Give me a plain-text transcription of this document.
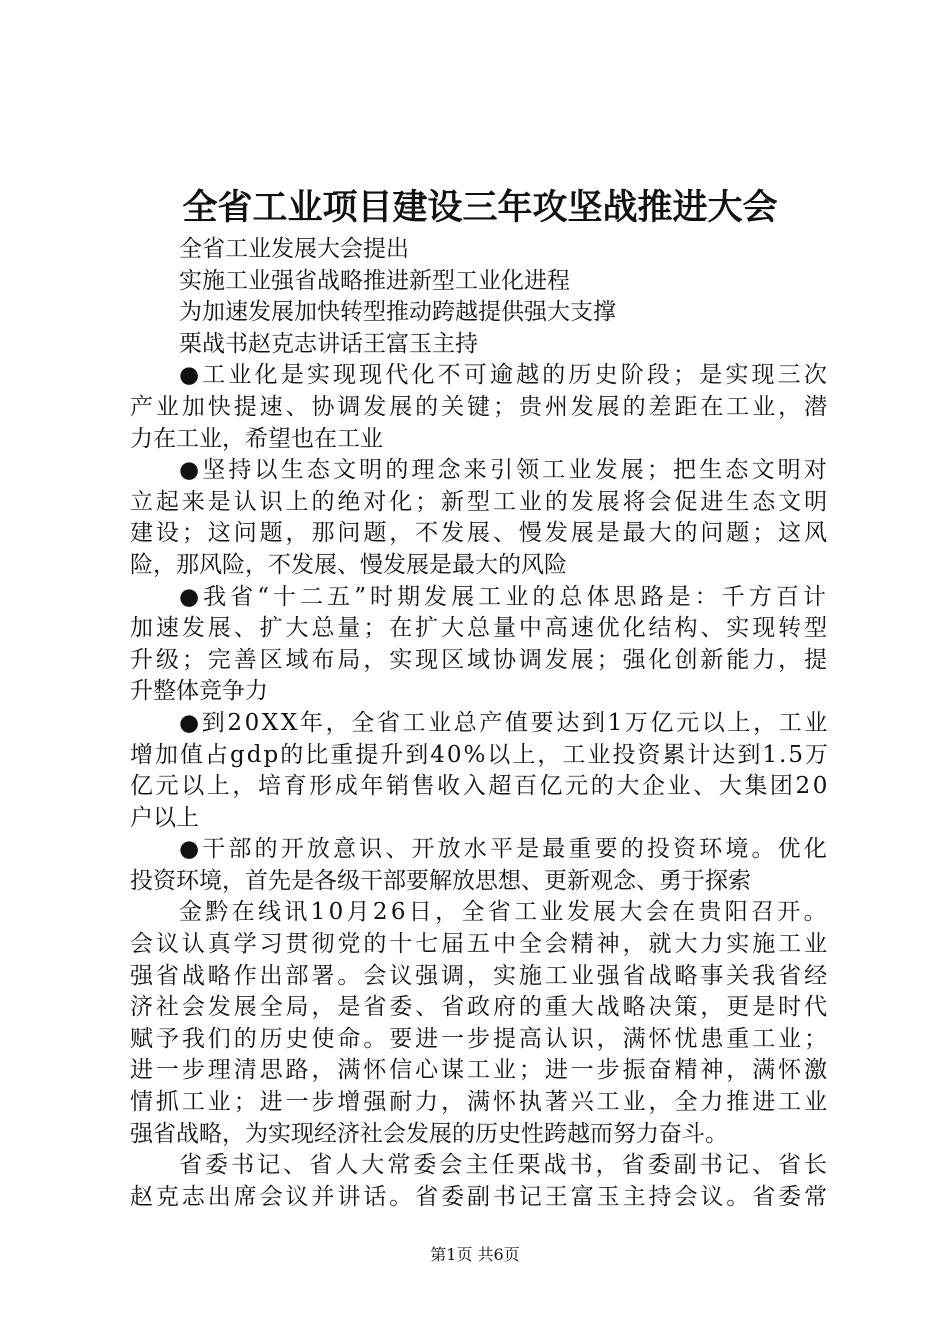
全省工业项目建设三年攻坚战推进大会
全省工业发展大会提出
实施工业强省战略推进新型工业化进程
为加速发展加快转型推动跨越提供强大支撑
栗战书赵克志讲话王富玉主持
●工业化是实现现代化不可逾越的历史阶段；是实现三次
产业加快提速、协调发展的关键；贵州发展的差距在工业，潜
力在工业，希望也在工业
●坚持以生态文明的理念来引领工业发展；把生态文明对
立起来是认识上的绝对化；新型工业的发展将会促进生态文明
建设；这问题，那问题，不发展、慢发展是最大的问题；这风
险，那风险，不发展、慢发展是最大的风险
●我省“十二五”时期发展工业的总体思路是：千方百计
加速发展、扩大总量；在扩大总量中高速优化结构、实现转型
升级；完善区域布局，实现区域协调发展；强化创新能力，提
升整体竞争力
●到20XX年，全省工业总产值要达到1万亿元以上，工业
增加值占gdp的比重提升到40%以上，工业投资累计达到1.5万
亿元以上，培育形成年销售收入超百亿元的大企业、大集团20
户以上
●干部的开放意识、开放水平是最重要的投资环境。优化
投资环境，首先是各级干部要解放思想、更新观念、勇于探索
金黔在线讯10月26日，全省工业发展大会在贵阳召开。
会议认真学习贯彻党的十七届五中全会精神，就大力实施工业
强省战略作出部署。会议强调，实施工业强省战略事关我省经
济社会发展全局，是省委、省政府的重大战略决策，更是时代
赋予我们的历史使命。要进一步提高认识，满怀忧患重工业；
进一步理清思路，满怀信心谋工业；进一步振奋精神，满怀激
情抓工业；进一步增强耐力，满怀执著兴工业，全力推进工业
强省战略，为实现经济社会发展的历史性跨越而努力奋斗。
省委书记、省人大常委会主任栗战书，省委副书记、省长
赵克志出席会议并讲话。省委副书记王富玉主持会议。省委常
第1页 共6页
